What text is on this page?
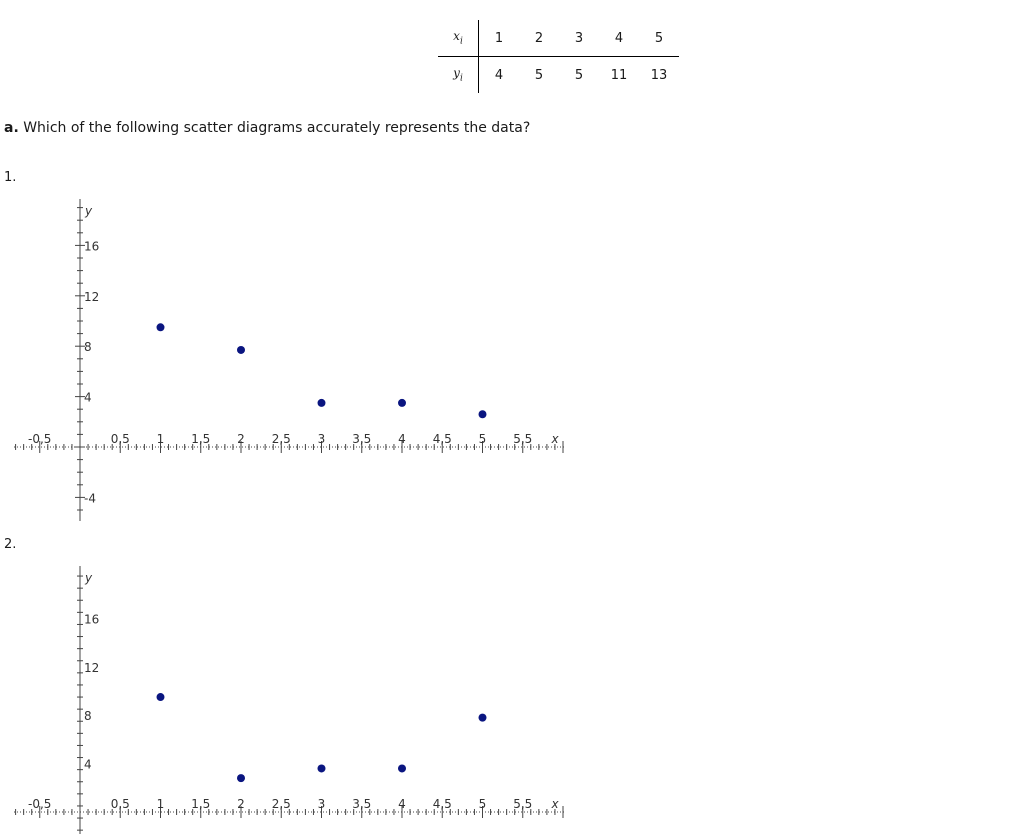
$x_i$	1	2	3	4	5
$y_i$	4	5	5	11	13
a. Which of the following scatter diagrams accurately represents the data?
1.
-0,5	0,5 1 1,5 2 2,5 3 3,5 4 4,5 5 5,5
16
12
8
4
-4
x
y
2.
-0,5	0,5 1 1,5 2 2,5 3 3,5 4 4,5 5 5,5
16
12
8
4
x
y
